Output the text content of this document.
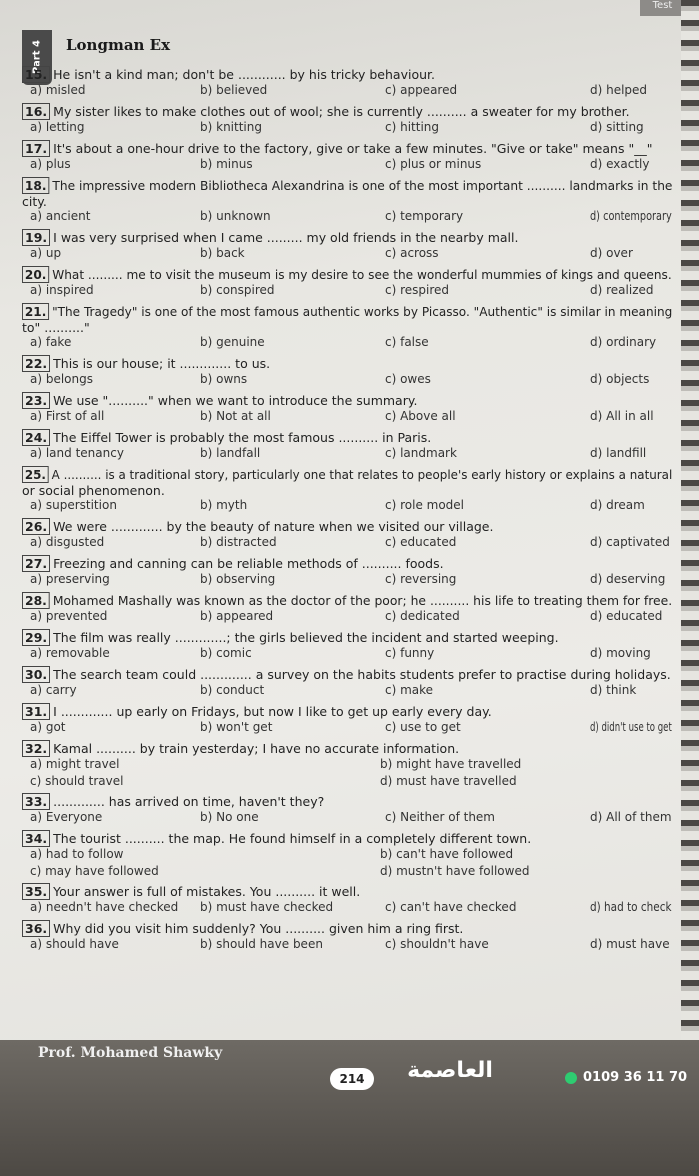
Test
Part 4	Longman Ex
15. He isn't a kind man; don't be ............ by his tricky behaviour.
a) misled	b) believed	c) appeared	d) helped
16. My sister likes to make clothes out of wool; she is currently .......... a sweater for my brother.
a) letting	b) knitting	c) hitting	d) sitting
17. It's about a one-hour drive to the factory, give or take a few minutes. "Give or take" means "__"
a) plus	b) minus	c) plus or minus	d) exactly
18. The impressive modern Bibliotheca Alexandrina is one of the most important .......... landmarks in the
city.
a) ancient	b) unknown	c) temporary	d) contemporary
19. I was very surprised when I came ......... my old friends in the nearby mall.
a) up	b) back	c) across	d) over
20. What ......... me to visit the museum is my desire to see the wonderful mummies of kings and queens.
a) inspired	b) conspired	c) respired	d) realized
21. "The Tragedy" is one of the most famous authentic works by Picasso. "Authentic" is similar in meaning
to" .........."
a) fake	b) genuine	c) false	d) ordinary
22. This is our house; it ............. to us.
a) belongs	b) owns	c) owes	d) objects
23. We use ".........." when we want to introduce the summary.
a) First of all	b) Not at all	c) Above all	d) All in all
24. The Eiffel Tower is probably the most famous .......... in Paris.
a) land tenancy	b) landfall	c) landmark	d) landfill
25. A .......... is a traditional story, particularly one that relates to people's early history or explains a natural
or social phenomenon.
a) superstition	b) myth	c) role model	d) dream
26. We were ............. by the beauty of nature when we visited our village.
a) disgusted	b) distracted	c) educated	d) captivated
27. Freezing and canning can be reliable methods of .......... foods.
a) preserving	b) observing	c) reversing	d) deserving
28. Mohamed Mashally was known as the doctor of the poor; he .......... his life to treating them for free.
a) prevented	b) appeared	c) dedicated	d) educated
29. The film was really .............; the girls believed the incident and started weeping.
a) removable	b) comic	c) funny	d) moving
30. The search team could ............. a survey on the habits students prefer to practise during holidays.
a) carry	b) conduct	c) make	d) think
31. I ............. up early on Fridays, but now I like to get up early every day.
a) got	b) won't get	c) use to get	d) didn't use to get
32. Kamal .......... by train yesterday; I have no accurate information.
a) might travel	b) might have travelled
c) should travel	d) must have travelled
33. ............. has arrived on time, haven't they?
a) Everyone	b) No one	c) Neither of them	d) All of them
34. The tourist .......... the map. He found himself in a completely different town.
a) had to follow	b) can't have followed
c) may have followed	d) mustn't have followed
35. Your answer is full of mistakes. You .......... it well.
a) needn't have checked b) must have checked	c) can't have checked	d) had to check
36. Why did you visit him suddenly? You .......... given him a ring first.
a) should have	b) should have been	c) shouldn't have	d) must have
Prof. Mohamed Shawky
214	العاصمة	0109 36 11 70
